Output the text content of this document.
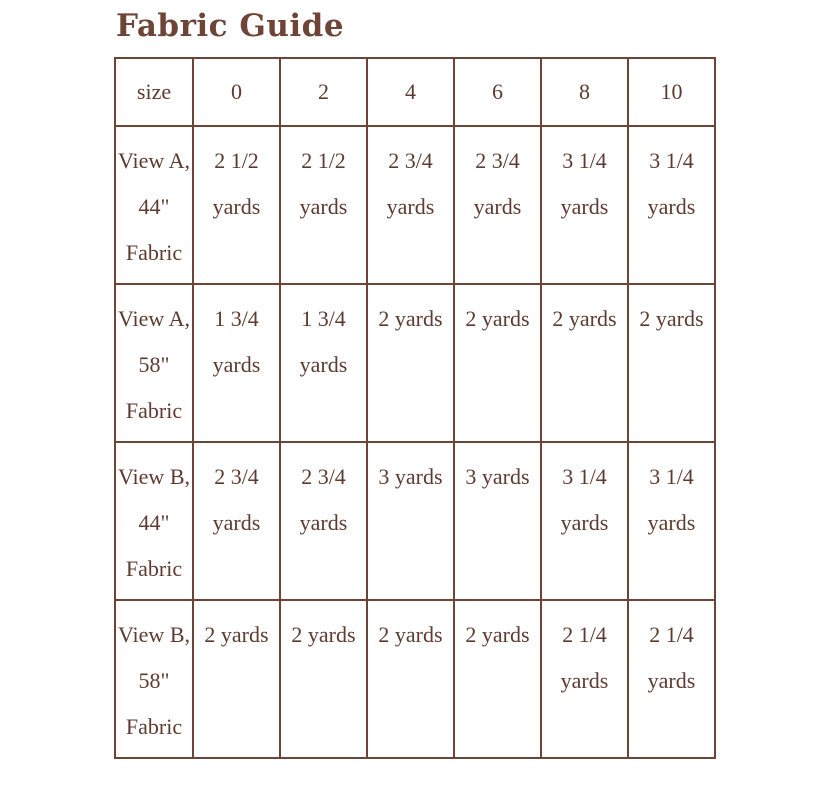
Fabric Guide
size	0	2	4	6	8	10

View A, 44" Fabric	2 1/2 yards	2 1/2 yards	2 3/4 yards	2 3/4 yards	3 1/4 yards	3 1/4 yards

View A, 58" Fabric	1 3/4 yards	1 3/4 yards	2 yards	2 yards	2 yards	2 yards

View B, 44" Fabric	2 3/4 yards	2 3/4 yards	3 yards	3 yards	3 1/4 yards	3 1/4 yards

View B, 58" Fabric	2 yards	2 yards	2 yards	2 yards	2 1/4 yards	2 1/4 yards
